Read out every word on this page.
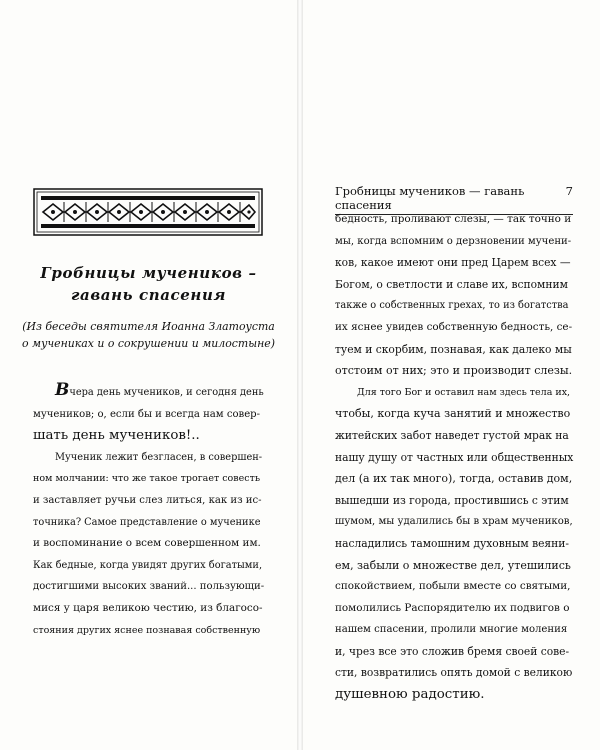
Гробницы мучеников –
гавань спасения
(Из беседы святителя Иоанна Златоуста
о мучениках и о сокрушении и милостыне)
Вчера день мучеников, и сегодня день
мучеников; о, если бы и всегда нам совер-
шать день мучеников!..
Мученик лежит безгласен, в совершен-
ном молчании: что же такое трогает совесть
и заставляет ручьи слез литься, как из ис-
точника? Самое представление о мученике
и воспоминание о всем совершенном им.
Как бедные, когда увидят других богатыми,
достигшими высоких званий... пользующи-
мися у царя великою честию, из благосо-
стояния других яснее познавая собственную
Гробницы мучеников — гавань спасения
7
бедность, проливают слезы, — так точно и
мы, когда вспомним о дерзновении мучени-
ков, какое имеют они пред Царем всех —
Богом, о светлости и славе их, вспомним
также о собственных грехах, то из богатства
их яснее увидев собственную бедность, се-
туем и скорбим, познавая, как далеко мы
отстоим от них; это и производит слезы.
Для того Бог и оставил нам здесь тела их,
чтобы, когда куча занятий и множество
житейских забот наведет густой мрак на
нашу душу от частных или общественных
дел (а их так много), тогда, оставив дом,
вышедши из города, простившись с этим
шумом, мы удалились бы в храм мучеников,
насладились тамошним духовным веяни-
ем, забыли о множестве дел, утешились
спокойствием, побыли вместе со святыми,
помолились Распорядителю их подвигов о
нашем спасении, пролили многие моления
и, чрез все это сложив бремя своей сове-
сти, возвратились опять домой с великою
душевною радостию.
